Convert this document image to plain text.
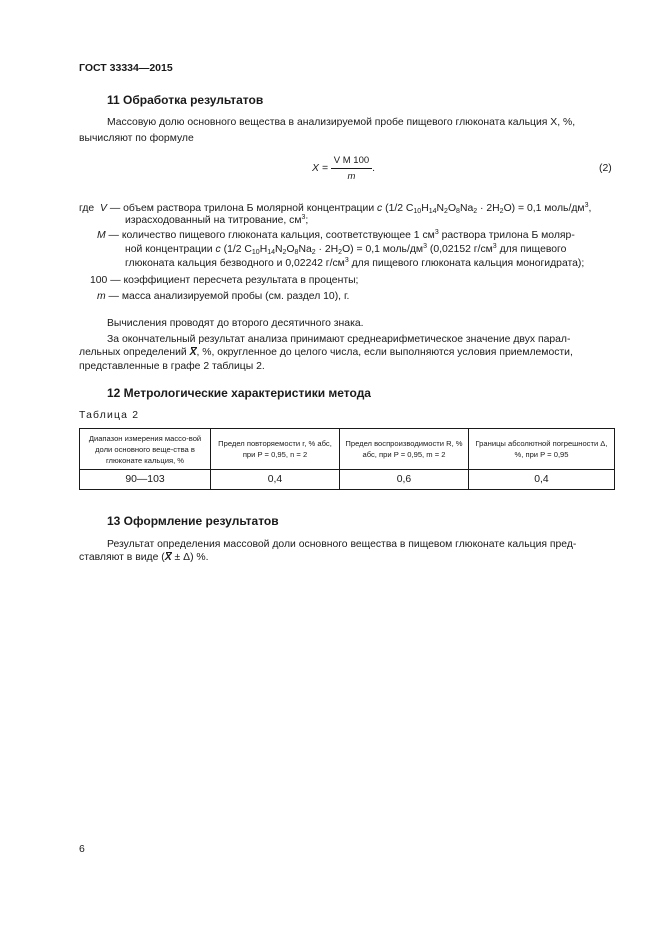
ГОСТ 33334—2015
11 Обработка результатов
Массовую долю основного вещества в анализируемой пробе пищевого глюконата кальция X, %,
вычисляют по формуле
$X = \frac{\text{V M 100}}{m}$ .	(2)
где V — объем раствора трилона Б молярной концентрации c (1/2 $C_{10}H_{14}N_2O_8Na_2 \cdot 2H_2O) = 0,1$ моль/$дм^3$,
израсходованный на титрование, $см^3$;
M — количество пищевого глюконата кальция, соответствующее 1 $см^3$ раствора трилона Б моляр-
ной концентрации c (1/2 $C_{10}H_{14}N_2O_8Na_2 \cdot 2H_2O) = 0,1$ моль/$дм^3$ (0,02152 $г/см^3$ для пищевого
глюконата кальция безводного и 0,02242 $г/см^3$ для пищевого глюконата кальция моногидрата);
100 — коэффициент пересчета результата в проценты;
m — масса анализируемой пробы (см. раздел 10), г.
Вычисления проводят до второго десятичного знака.
За окончательный результат анализа принимают среднеарифметическое значение двух парал-
лельных определений X, %, округленное до целого числа, если выполняются условия приемлемости,
представленные в графе 2 таблицы 2.
12 Метрологические характеристики метода
Таблица 2
Диапазон измерения массо-вой доли основного веще-ства в глюконате кальция, %	Предел повторяемости r, % абс, при P = 0,95, n = 2	Предел воспроизводимости R, % абс, при P = 0,95, m = 2	Границы абсолютной погрешности Δ, %, при P = 0,95
90—103	0,4	0,6	0,4
13 Оформление результатов
Результат определения массовой доли основного вещества в пищевом глюконате кальция пред-
ставляют в виде (X ± Δ) %.
6
